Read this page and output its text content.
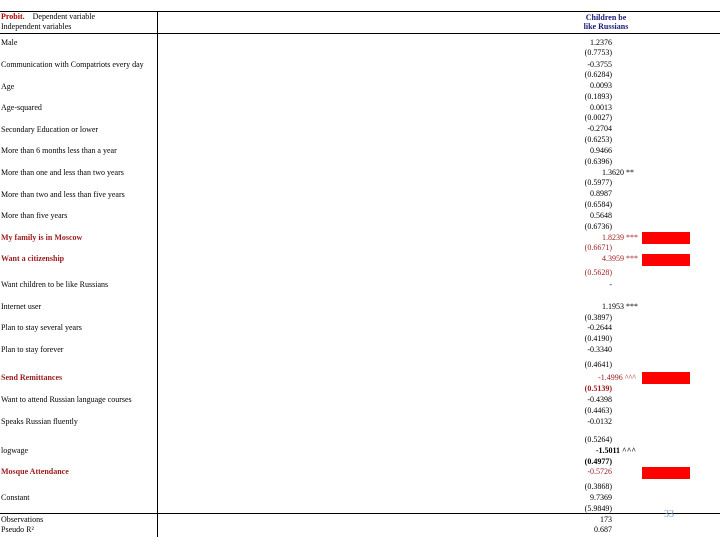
Probit. Dependent variable
Independent variables
Children be
like Russians
Male
Communication with Compatriots every day
Age
Age-squared
Secondary Education or lower
More than 6 months less than a year
More than one and less than two years
More than two and less than five years
More than five years
My family is in Moscow
Want a citizenship
Want children to be like Russians
Internet user
Plan to stay several years
Plan to stay forever
Send Remittances
Want to attend Russian language courses
Speaks Russian fluently
logwage
Mosque Attendance
Constant
1.2376
(0.7753)
-0.3755
(0.6284)
0.0093
(0.1893)
0.0013
(0.0027)
-0.2704
(0.6253)
0.9466
(0.6396)
1.3620 **
(0.5977)
0.8987
(0.6584)
0.5648
(0.6736)
1.8239 ***
(0.6671)
4.3959 ***
(0.5628)
-
1.1953 ***
(0.3897)
-0.2644
(0.4190)
-0.3340
(0.4641)
-1.4996 ^^^
(0.5139)
-0.4398
(0.4463)
-0.0132
(0.5264)
-1.5011 ^^^
(0.4977)
-0.5726
(0.3868)
9.7369
(5.9849)
Observations	173
Pseudo R²	0.687
33
